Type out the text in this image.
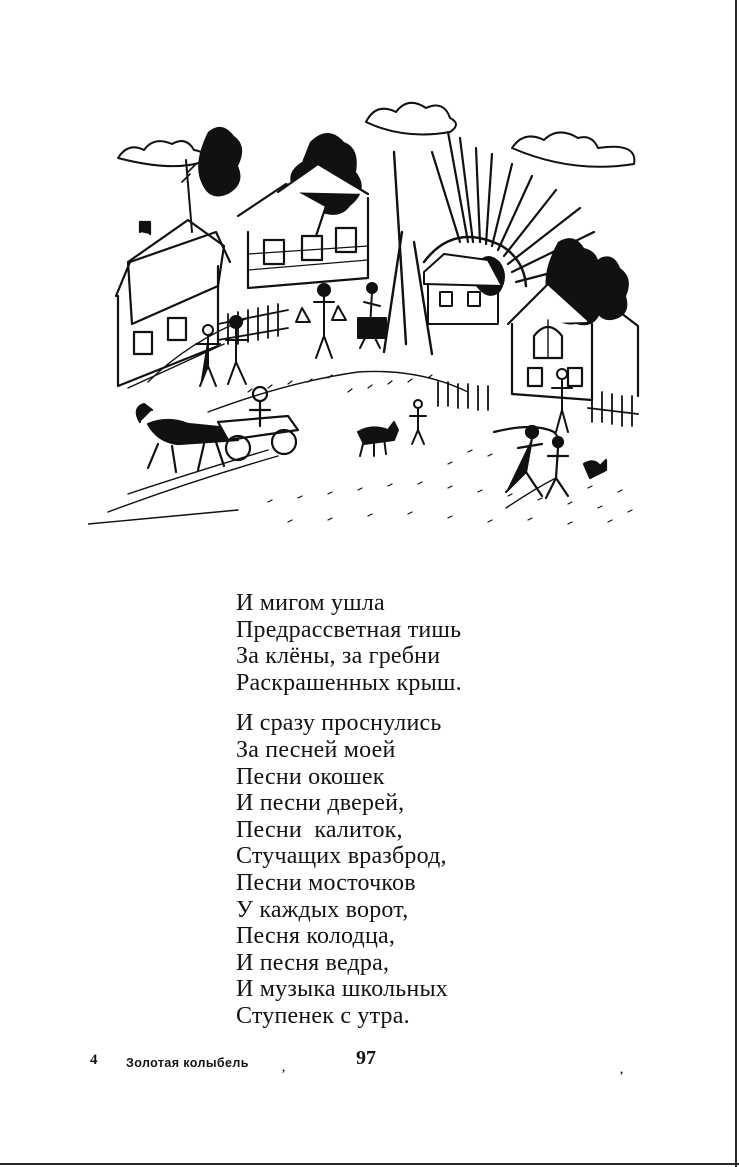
И мигом ушла
Предрассветная тишь
За клёны, за гребни
Раскрашенных крыш.
И сразу проснулись
За песней моей
Песни окошек
И песни дверей,
Песни  калиток,
Стучащих вразброд,
Песни мосточков
У каждых ворот,
Песня колодца,
И песня ведра,
И музыка школьных
Ступенек с утра.
4 Золотая колыбель	97
,	,
